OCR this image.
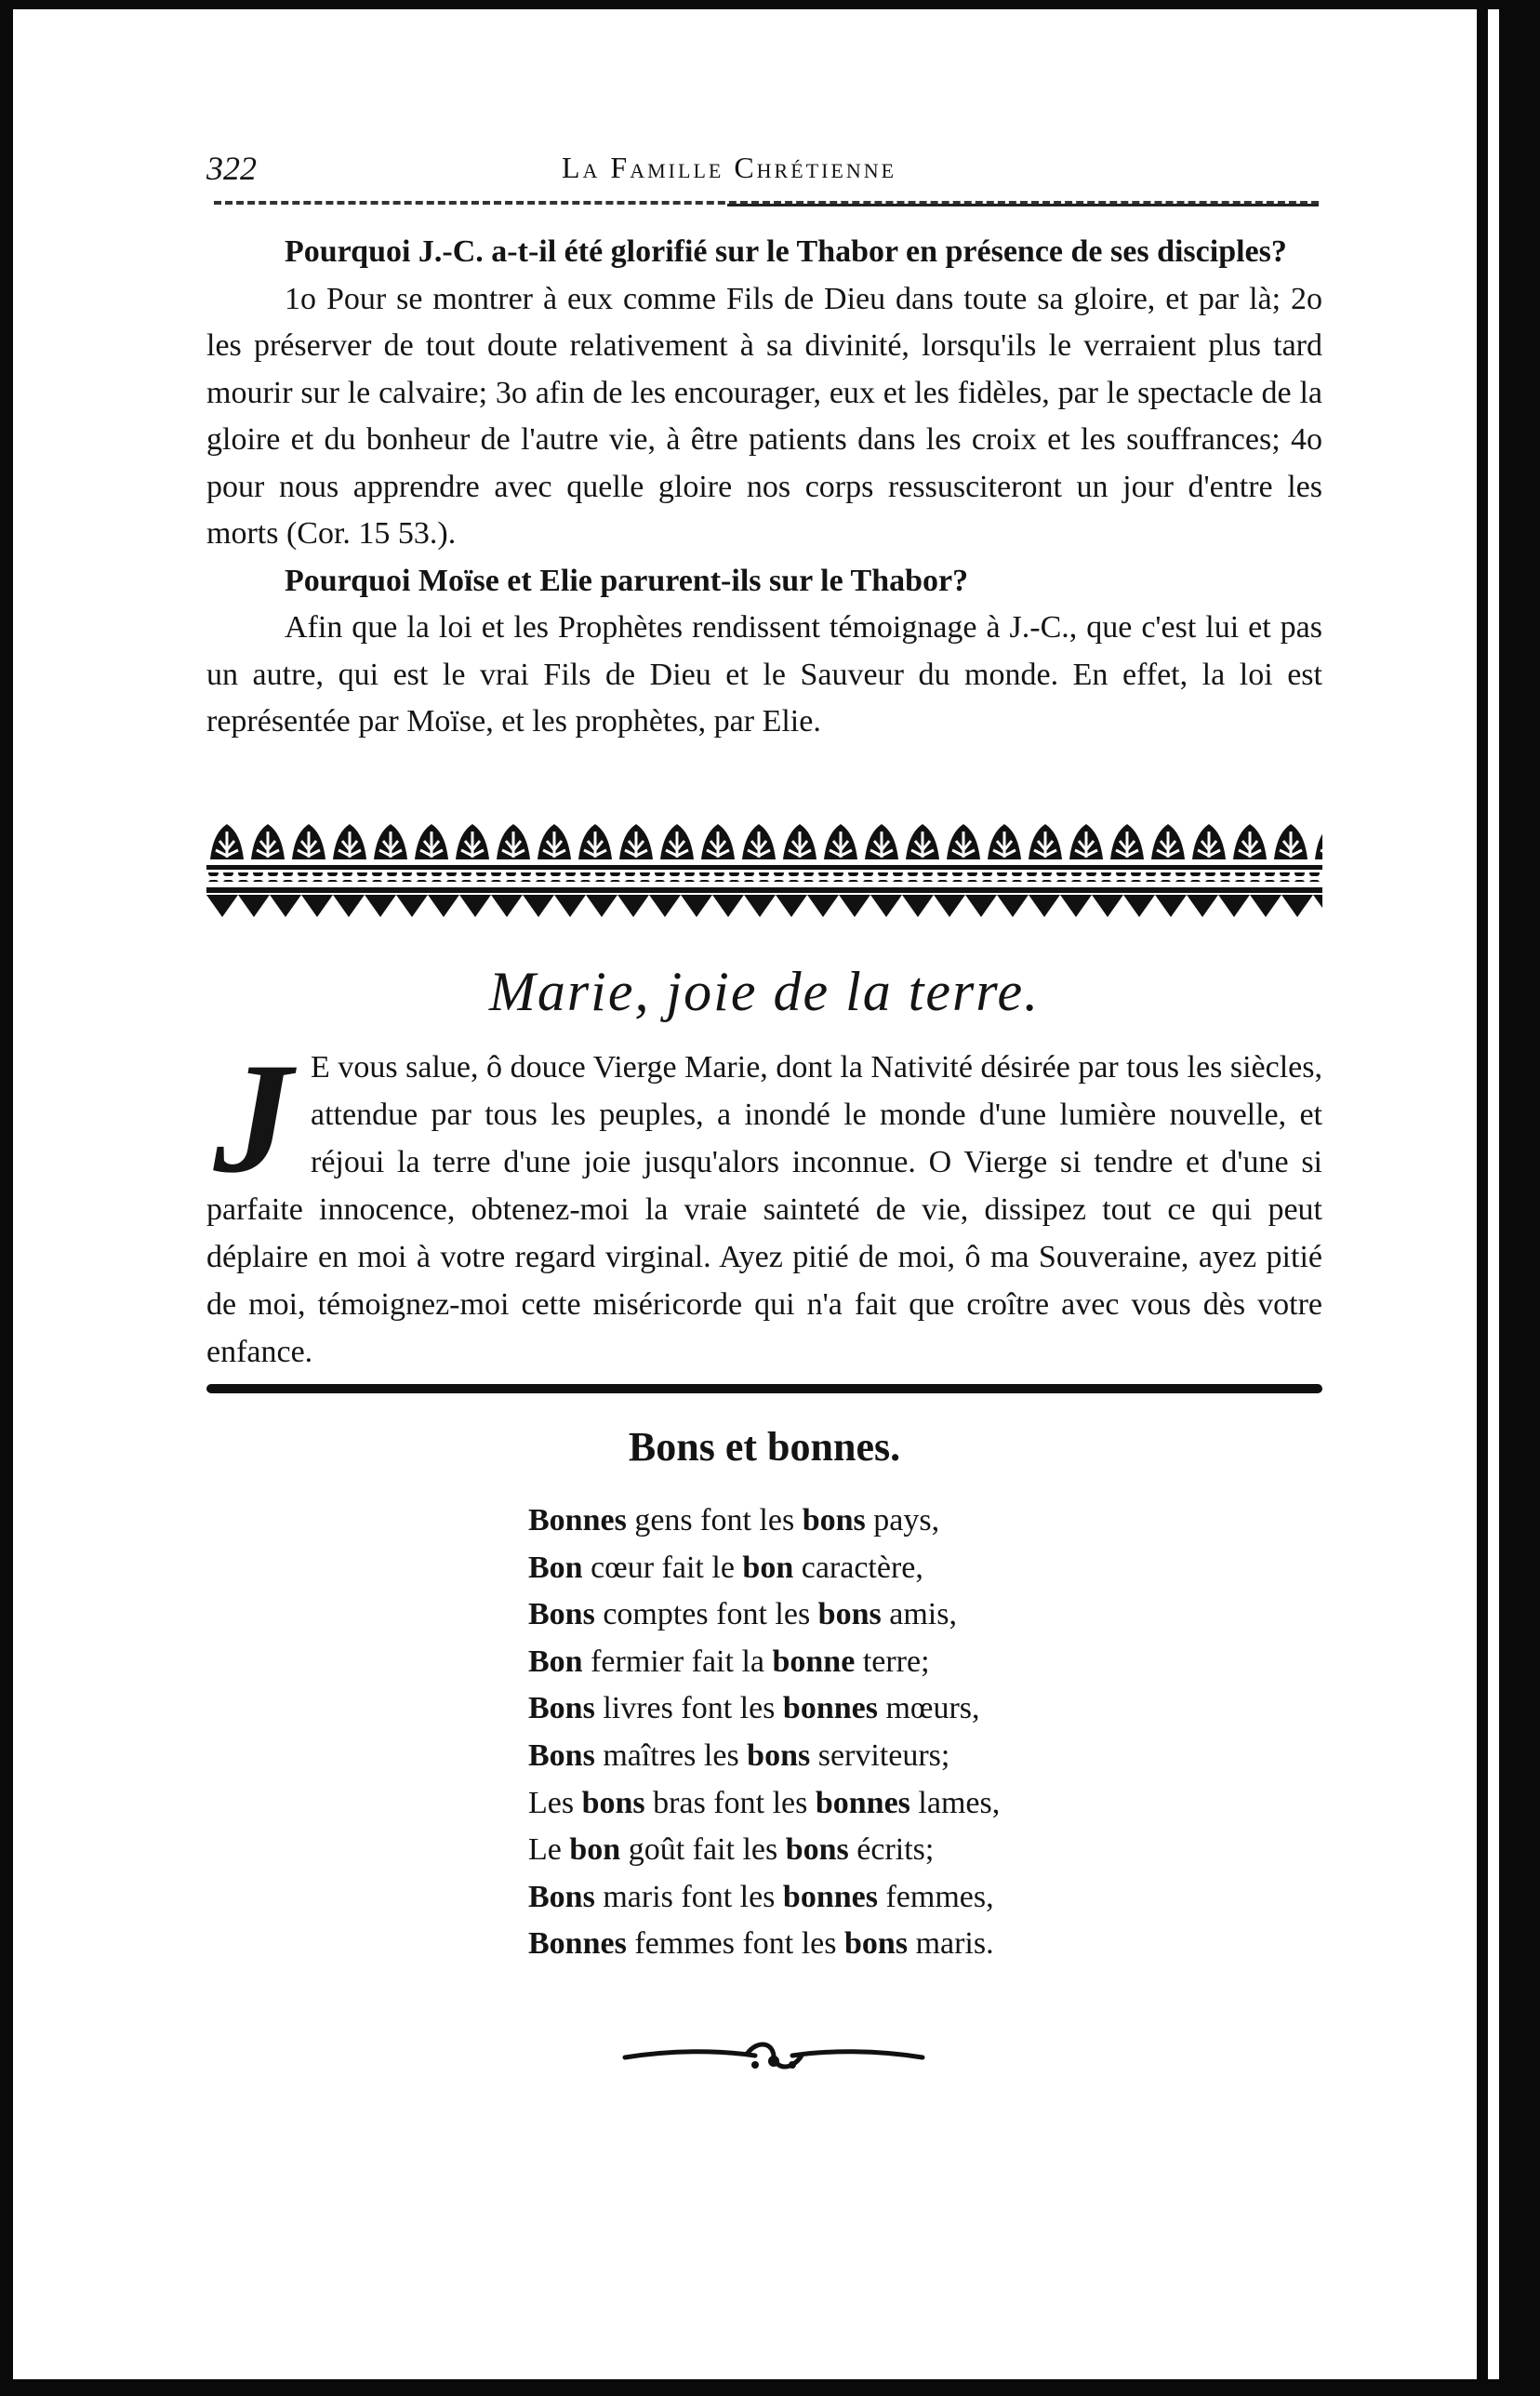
322	La Famille Chrétienne

Pourquoi J.-C. a-t-il été glorifié sur le Thabor en présence de ses disciples?

1o Pour se montrer à eux comme Fils de Dieu dans toute sa gloire, et par là; 2o les préserver de tout doute relativement à sa divinité, lorsqu'ils le verraient plus tard mourir sur le calvaire; 3o afin de les encourager, eux et les fidèles, par le spectacle de la gloire et du bonheur de l'autre vie, à être patients dans les croix et les souffrances; 4o pour nous apprendre avec quelle gloire nos corps ressusciteront un jour d'entre les morts (Cor. 15 53.).

Pourquoi Moïse et Elie parurent-ils sur le Thabor?

Afin que la loi et les Prophètes rendissent témoignage à J.-C., que c'est lui et pas un autre, qui est le vrai Fils de Dieu et le Sauveur du monde. En effet, la loi est représentée par Moïse, et les prophètes, par Elie.

Marie, joie de la terre.
J E vous salue, ô douce Vierge Marie, dont la Nativité désirée par tous les siècles, attendue par tous les peuples, a inondé le monde d'une lumière nouvelle, et réjoui la terre d'une joie jusqu'alors inconnue. O Vierge si tendre et d'une si parfaite innocence, obtenez-moi la vraie sainteté de vie, dissipez tout ce qui peut déplaire en moi à votre regard virginal. Ayez pitié de moi, ô ma Souveraine, ayez pitié de moi, témoignez-moi cette miséricorde qui n'a fait que croître avec vous dès votre enfance.
Bons et bonnes.
Bonnes gens font les bons pays,
Bon cœur fait le bon caractère,
Bons comptes font les bons amis,
Bon fermier fait la bonne terre;
Bons livres font les bonnes mœurs,
Bons maîtres les bons serviteurs;
Les bons bras font les bonnes lames,
Le bon goût fait les bons écrits;
Bons maris font les bonnes femmes,
Bonnes femmes font les bons maris.
